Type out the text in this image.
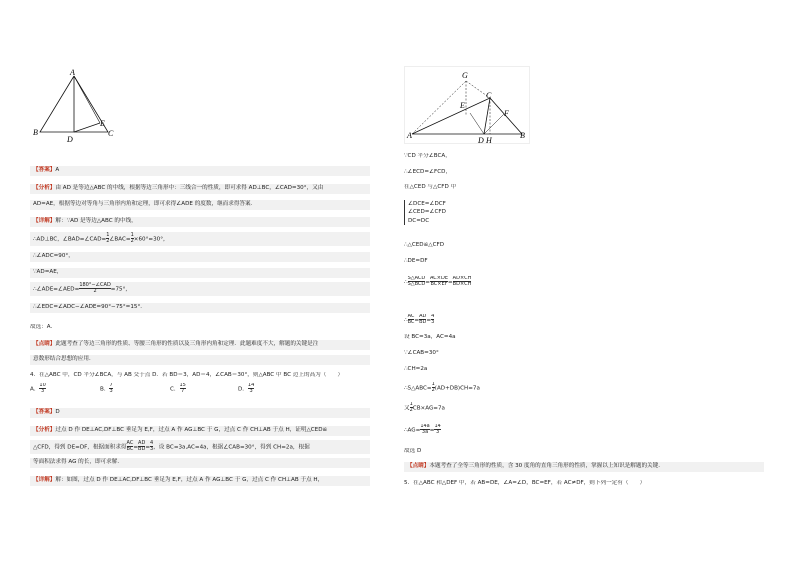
A
B
D
E
C
【答案】A
【分析】由 AD 是等边△ABC 的中线，根据等边三角形中：三线合一的性质，即可求得 AD⊥BC，∠CAD=30°，又由
AD=AE，根据等边对等角与三角形内角和定理，即可求得∠ADE 的度数，继而求得答案.
【详解】解：∵AD 是等边△ABC 的中线，
∴AD⊥BC，∠BAD=∠CAD= $\frac{1}{2}$ ∠BAC= $\frac{1}{2} \times 60^\circ=30^\circ$，
∴∠ADC=90°，
∵AD=AE，
∴∠ADE=∠AED= $\frac{\text{180°−∠CAD}}{2} =75^\circ$，
∴∠EDC=∠ADC−∠ADE=90°−75°=15°．
故选：A．
【点睛】此题考查了等边三角形的性质、等腰三角形的性质以及三角形内角和定理．此题难度不大，解题的关键是注
意数形结合思想的应用．
4．在△ABC 中，CD 平分∠BCA，与 AB 交于点 D．若 BD＝3，AD＝4，∠CAB＝30°，则△ABC 中 BC 边上的高为（　　）
A． $\frac{10}{3}$	B． $\frac{7}{3}$	C． $\frac{15}{7}$	D． $\frac{14}{3}$
【答案】D
【分析】过点 D 作 DE⊥AC,DF⊥BC 垂足为 E,F，过点 A 作 AG⊥BC 于 G，过点 C 作 CH⊥AB 于点 H，证明△CED≌
△CFD，得到 DE=DF，根据面积求得 $\frac{AC}{BC} = \frac{AD}{BD} = \frac{4}{3}$ ，设 BC=3a,AC=4a，根据∠CAB=30°，得到 CH=2a，根据
等面积法求得 AG 的长，即可求解．
【详解】解：如图，过点 D 作 DE⊥AC,DF⊥BC 垂足为 E,F，过点 A 作 AG⊥BC 于 G，过点 C 作 CH⊥AB 于点 H，
G
C
E
F
A
D H
B
∵CD 平分∠BCA，
∴∠ECD=∠FCD，
在△CED 与△CFD 中
∠DCE=∠DCF
∠CED=∠CFD
DC=DC
∴△CED≌△CFD
∴DE=DF
∴ $\frac{\text{S△ACD}}{\text{S△BCD}} = \frac{AC\times DE}{BC\times EF} = \frac{AD\times CH}{BD\times CH}$
∴ $\frac{AC}{BC} = \frac{AD}{BD} = \frac{4}{3}$
设 BC=3a，AC=4a
∵∠CAB=30°
∴CH=2a
∴S△ABC= $\frac{1}{2} (AD+DB)CH=7a$
又 $\frac{1}{2} CB\times AG=7a$
∴AG= $\frac{14a}{3a} = \frac{14}{3}$
故选 D
【点睛】本题考查了全等三角形的性质，含 30 度角的直角三角形的性质，掌握以上知识是解题的关键．
5．在△ABC 和△DEF 中，若 AB=DE，∠A=∠D，BC=EF，若 AC≠DF，则下列一定有（　　）
